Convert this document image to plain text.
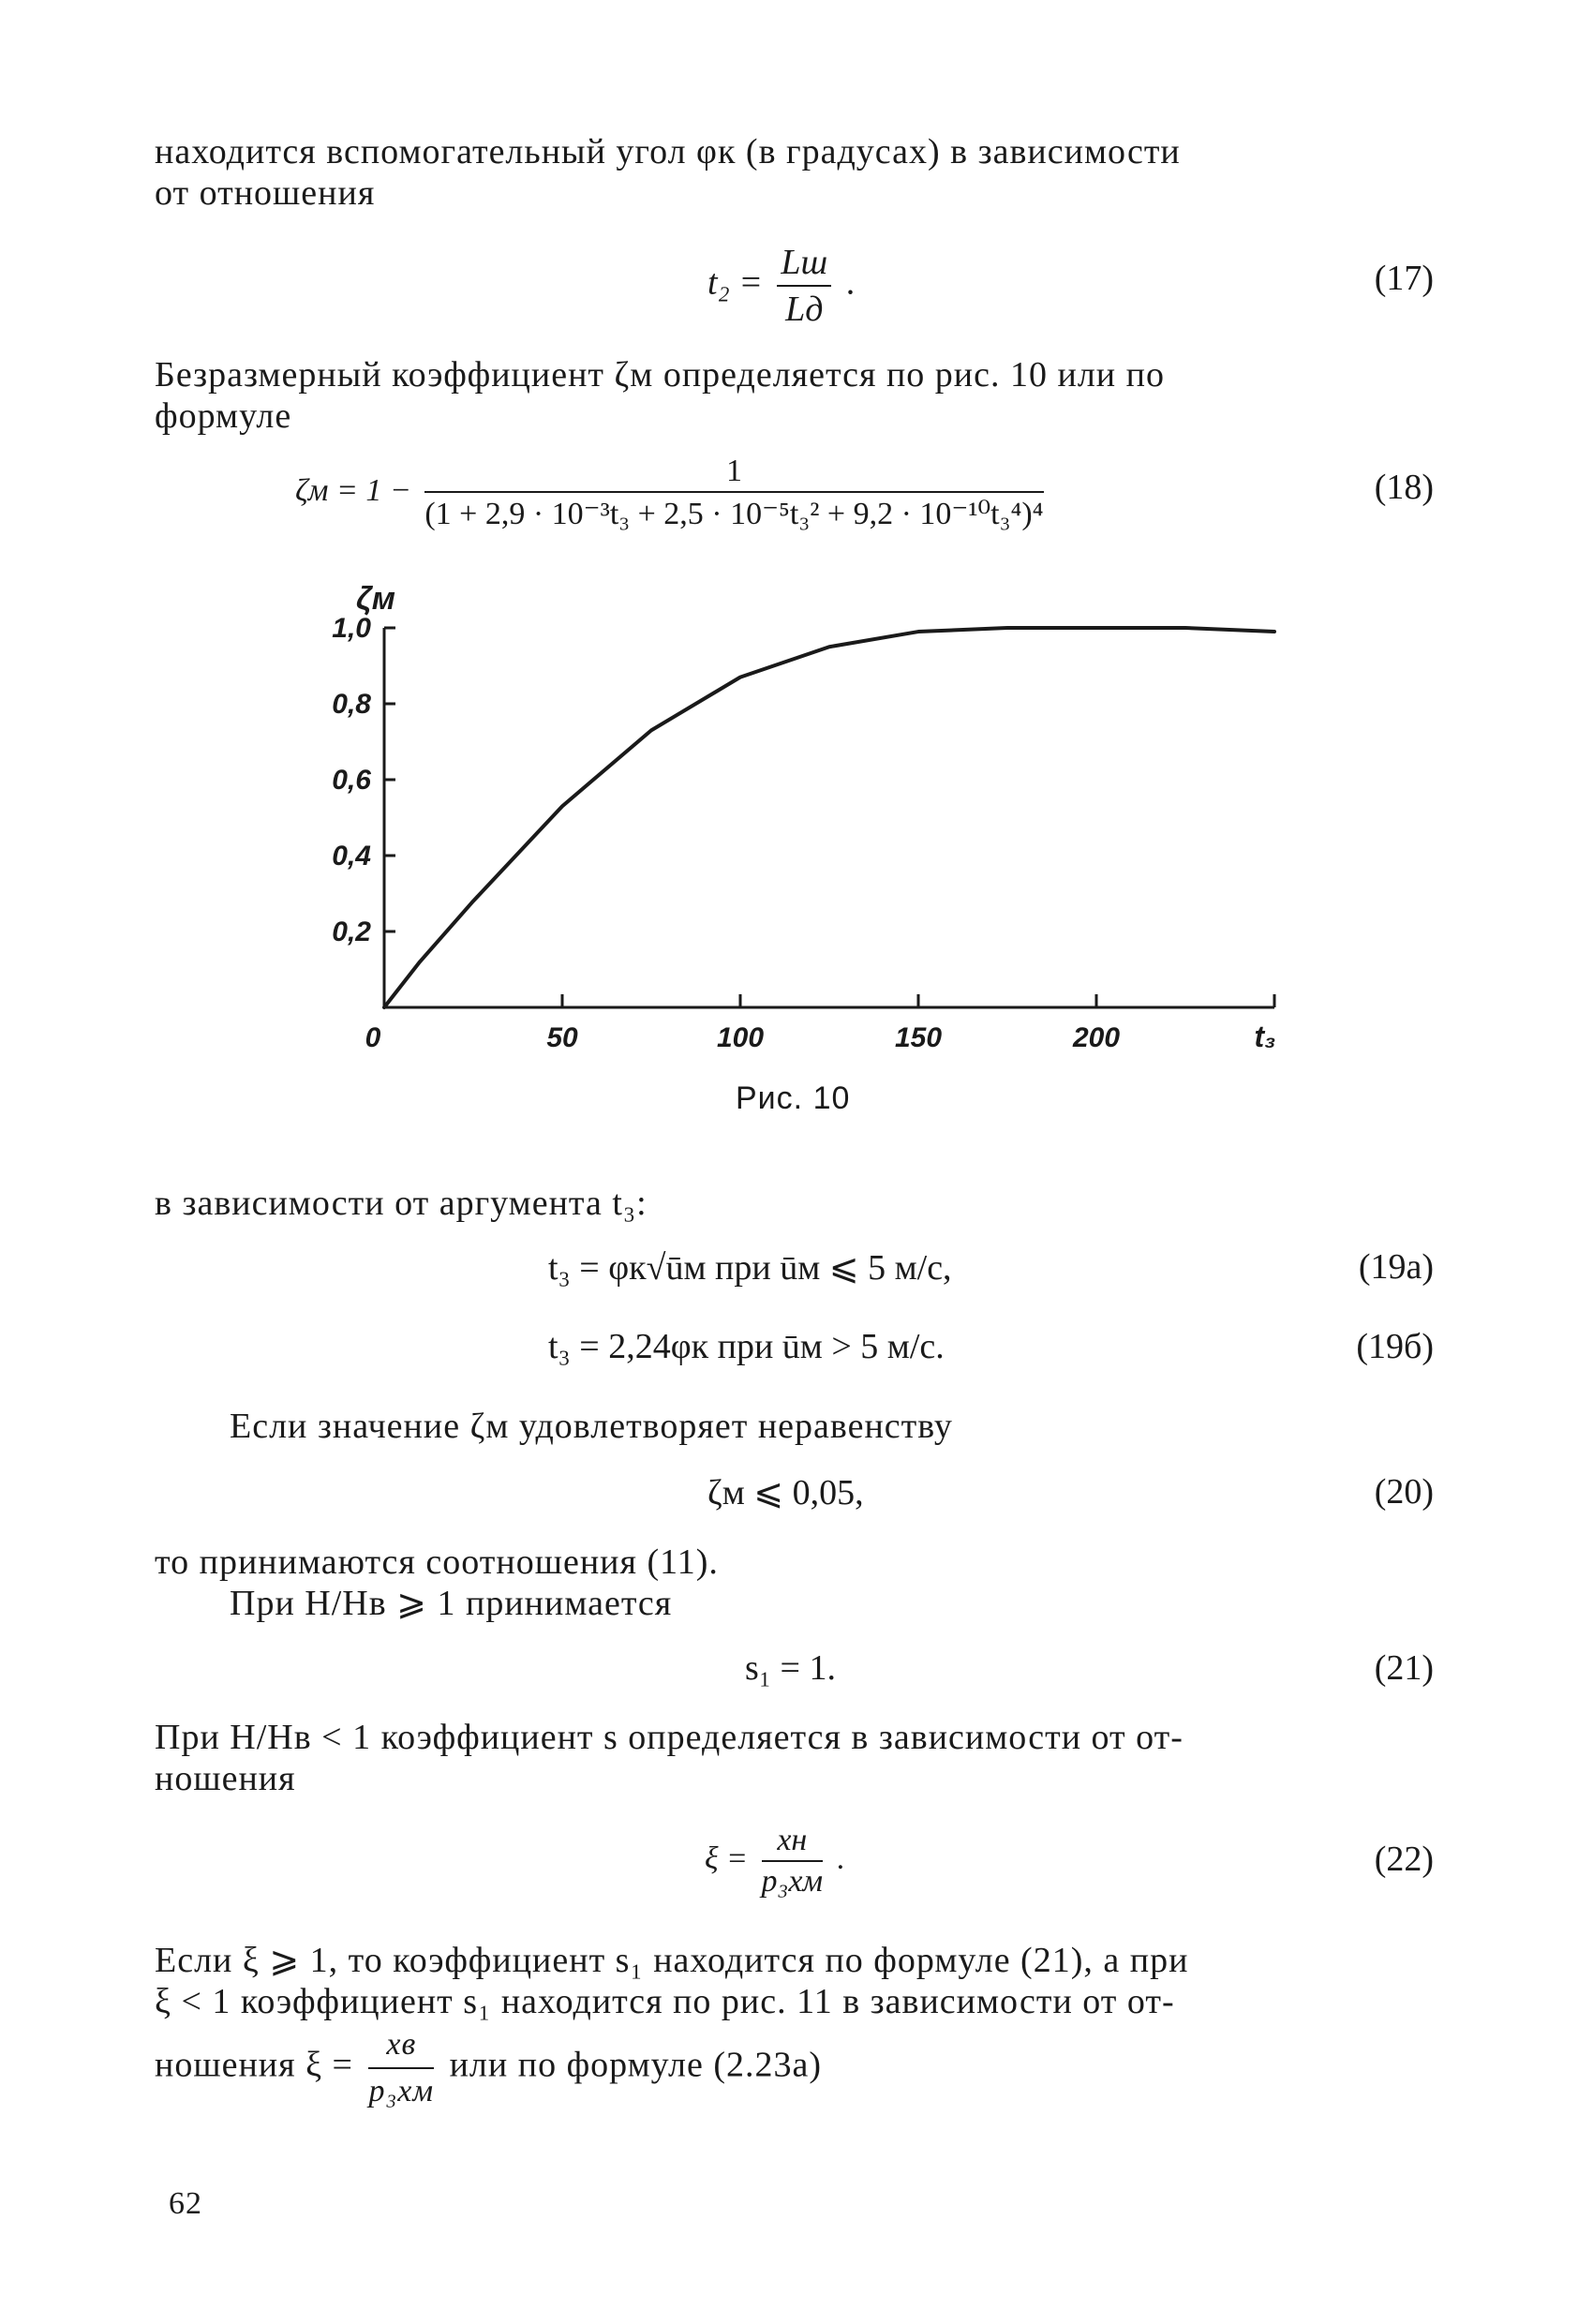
находится вспомогательный угол φк (в градусах) в зависимости
от отношения
$t_2 = \frac{Lш}{Lд}$ .	(17)
Безразмерный коэффициент ζм определяется по рис. 10 или по
формуле
$\zeta м = 1 - \frac{1}{\text{(1 + 2,9 · 10⁻³t₃ + 2,5 · 10⁻⁵t₃² + 9,2 · 10⁻¹⁰t₃⁴)⁴}}$	(18)
0,2
0,4
0,6
0,8
1,0
0	50	100	150	200
ζм
t₃
Рис. 10
в зависимости от аргумента t₃:
t₃ = φк√ūм при ūм ⩽ 5 м/с,	(19a)
t₃ = 2,24φк при ūм > 5 м/с.	(19б)
Если значение ζм удовлетворяет неравенству
ζм ⩽ 0,05,	(20)
то принимаются соотношения (11).
При H/Hв ⩾ 1 принимается
s₁ = 1.	(21)
При H/Hв < 1 коэффициент s определяется в зависимости от от-
ношения
$\xi = \frac{xн}{\text{p₃xм}}$ .	(22)
Если ξ ⩾ 1, то коэффициент s₁ находится по формуле (21), а при
ξ < 1 коэффициент s₁ находится по рис. 11 в зависимости от от-
ношения $\xi = \frac{xв}{\text{p₃xм}}$ или по формуле (2.23а)
62
